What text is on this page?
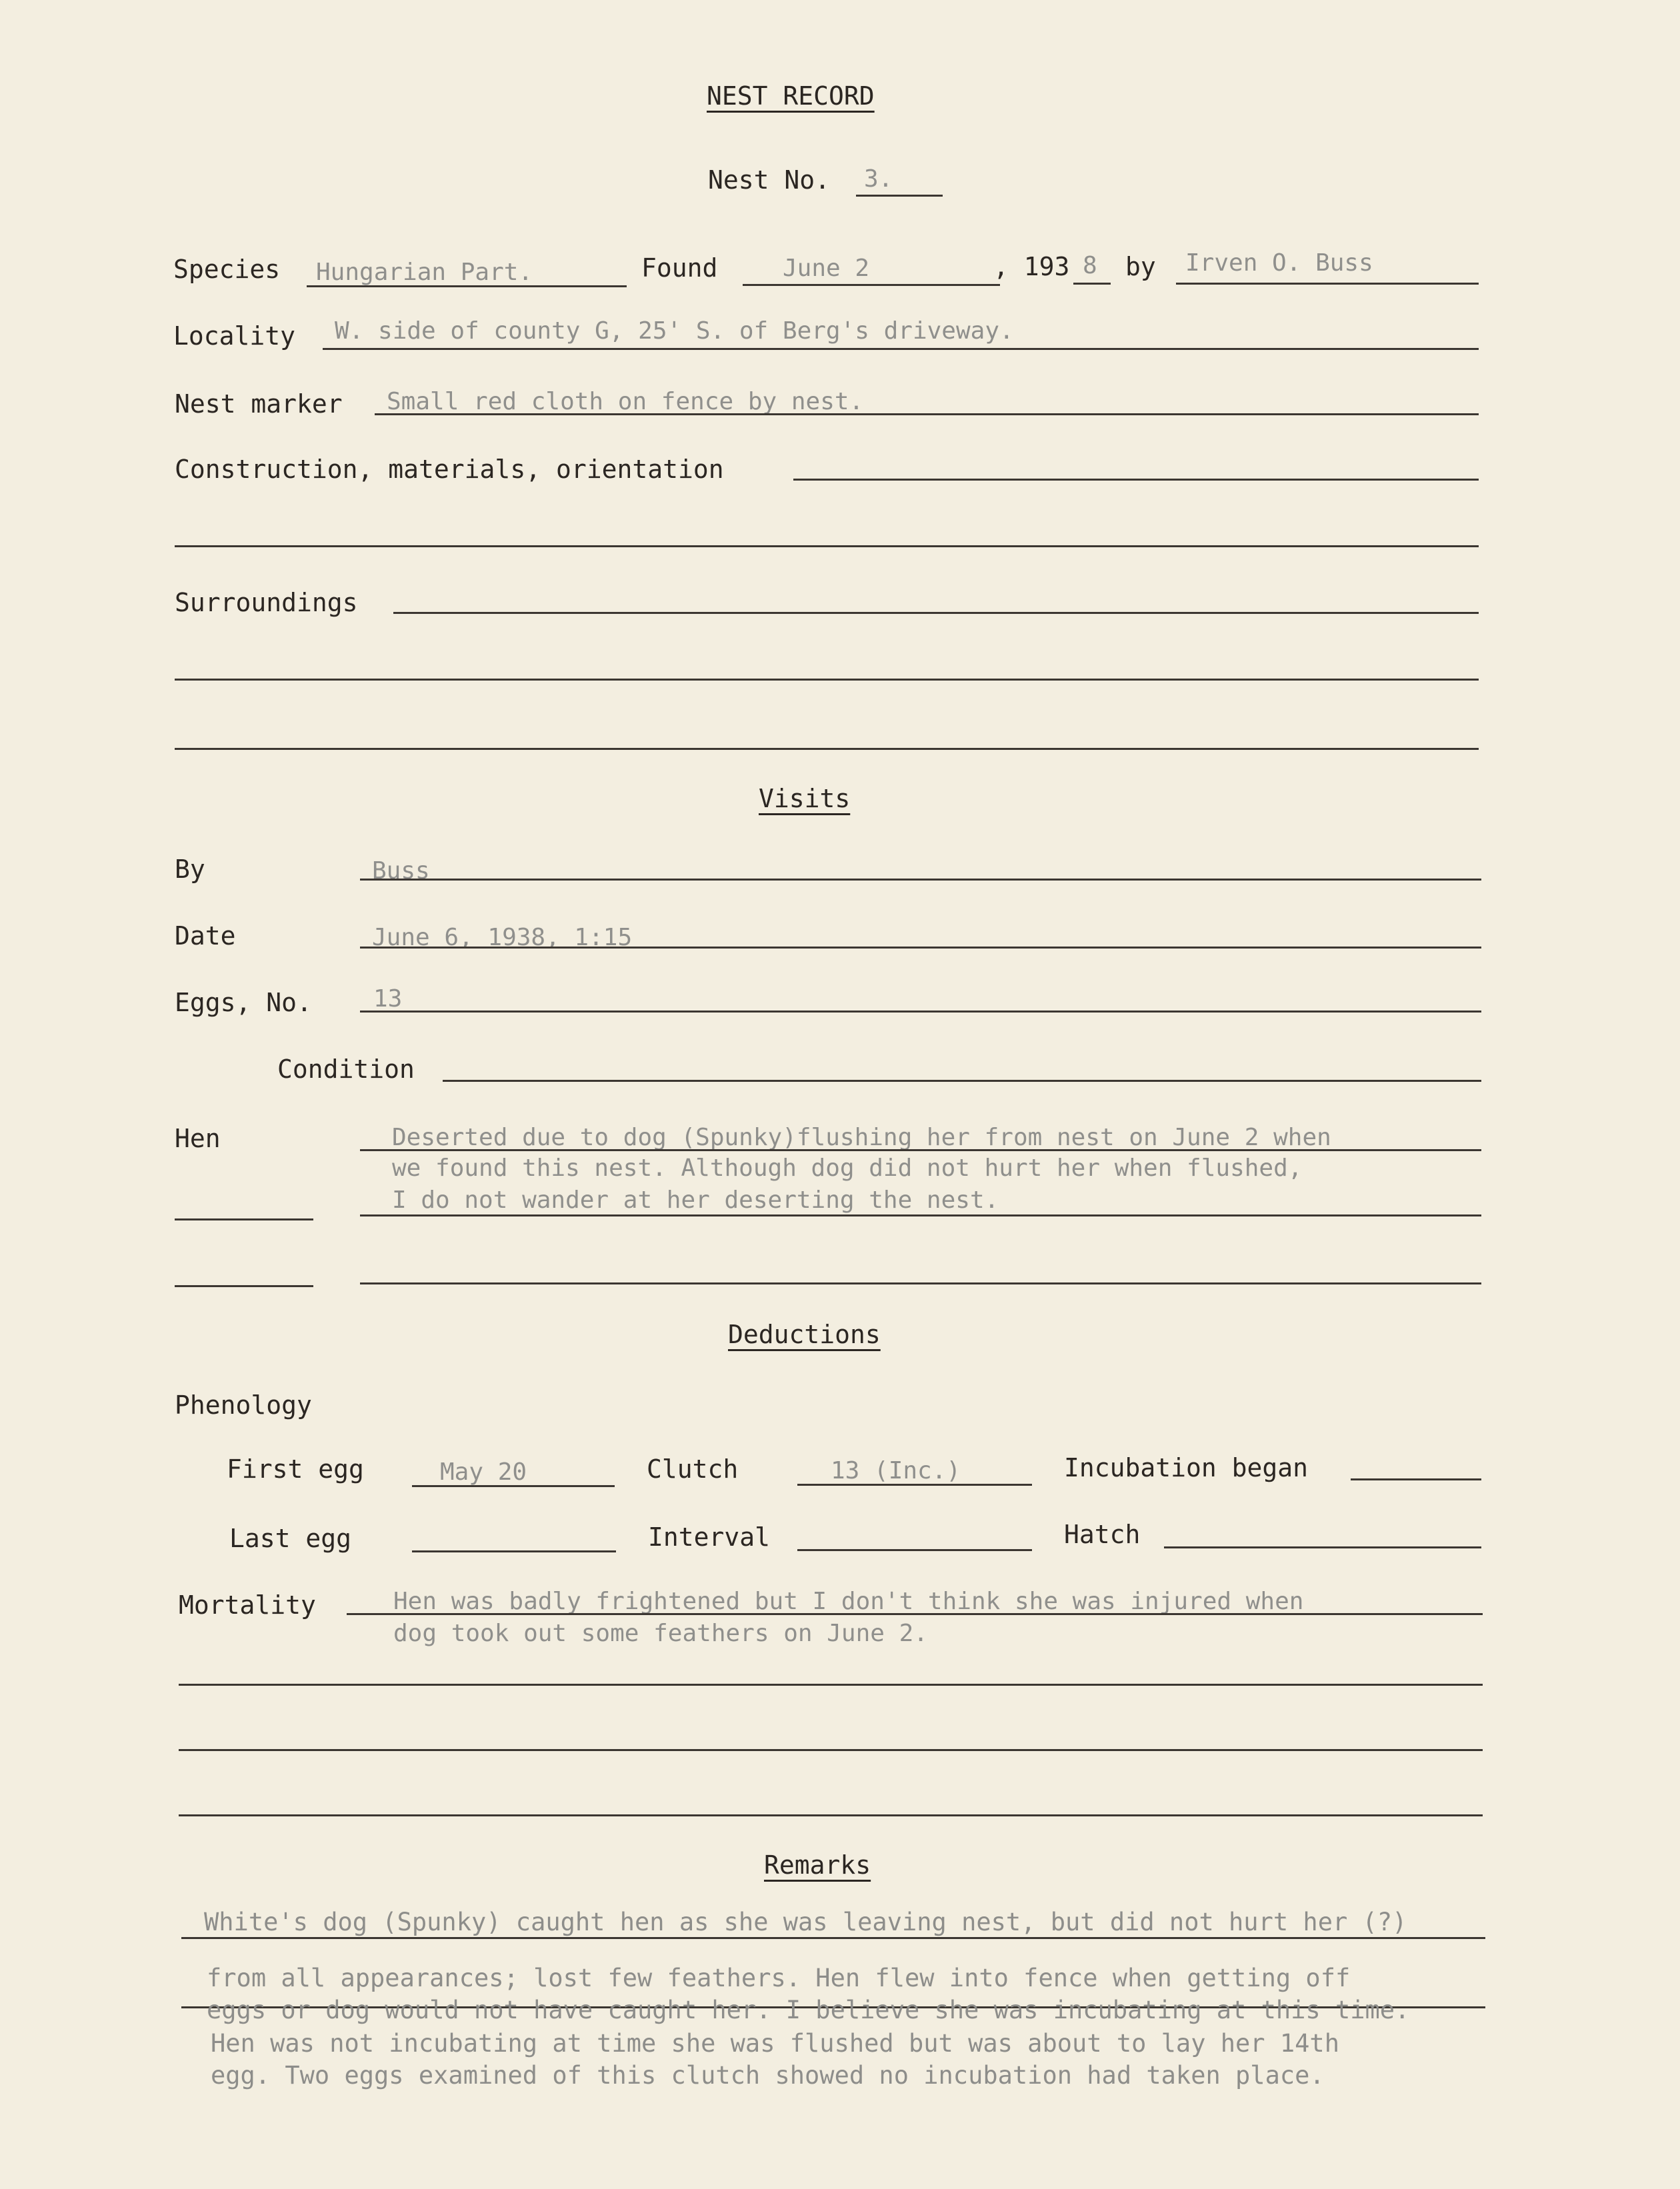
NEST RECORD
Nest No. 3.
Species Hungarian Part.	Found	June 2	, 193 8 by Irven O. Buss
Locality W. side of county G, 25' S. of Berg's driveway.
Nest marker Small red cloth on fence by nest.
Construction, materials, orientation
Surroundings
Visits
By	Buss
Date	June 6, 1938, 1:15
Eggs, No.	13
Condition
Hen	Deserted due to dog (Spunky)flushing her from nest on June 2 when
we found this nest. Although dog did not hurt her when flushed,
I do not wander at her deserting the nest.
Deductions
Phenology
First egg	May 20	Clutch	13 (Inc.)	Incubation began
Last egg	Interval	Hatch
Mortality	Hen was badly frightened but I don't think she was injured when
dog took out some feathers on June 2.
Remarks
White's dog (Spunky) caught hen as she was leaving nest, but did not hurt her (?)
from all appearances; lost few feathers. Hen flew into fence when getting off
eggs or dog would not have caught her. I believe she was incubating at this time.
Hen was not incubating at time she was flushed but was about to lay her 14th
egg. Two eggs examined of this clutch showed no incubation had taken place.
